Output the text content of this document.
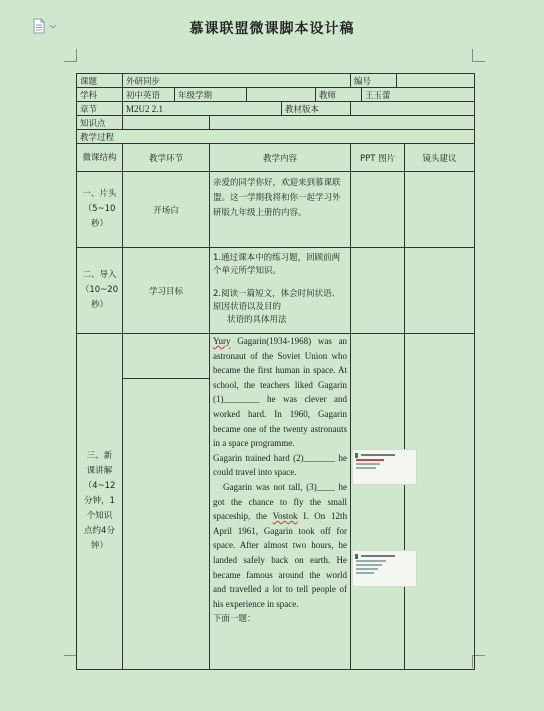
慕课联盟微课脚本设计稿
课题	外研同步						编号			
学科	初中英语	年级学期				教师		王玉蕾		
章节	M2U2 2.1				教材版本					
知识点										
教学过程										
微课结构	教学环节		教学内容				PPT 图片			镜头建议
一、片头（5~10秒）	开场白		亲爱的同学你好，欢迎来到慕课联盟。这一学期我将和你一起学习外研版九年级上册的内容。							
二、导入（10~20秒）	学习目标		1.通过课本中的练习题，回顾前两个单元所学知识。
2.阅读一篇短文，体会时间状语、原因状语以及目的
状语的具体用法							

三、新课讲解（4~12分钟，1个知识点约4分钟）			Yury Gagarin(1934-1968) was an astronaut of the Soviet Union who became the first human in space. At school, the teachers liked Gagarin (1)________ he was clever and worked hard. In 1960, Gagarin became one of the twenty astronauts in a space programme.
Gagarin trained hard (2)_______ he could travel into space.
Gagarin was not tall, (3)____ he got the chance to fly the small spaceship, the Vostok I. On 12th April 1961, Gagarin took off for space. After almost two hours, he landed safely back on earth. He became famous around the world and travelled a lot to tell people of his experience in space.
下面一题：							
